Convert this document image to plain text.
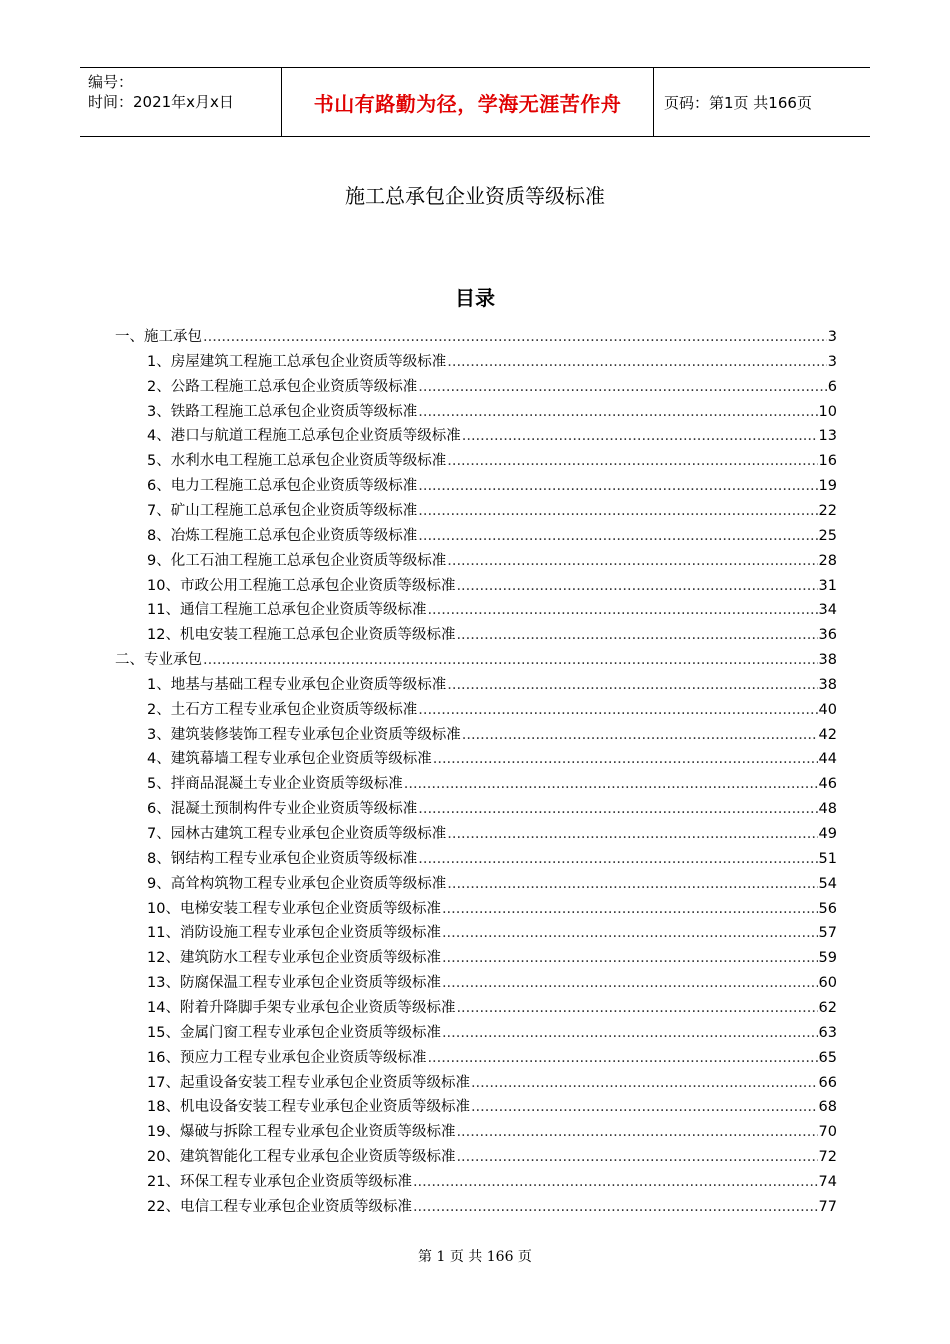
编号：
时间：2021年x月x日	书山有路勤为径，学海无涯苦作舟	页码：第1页 共166页
施工总承包企业资质等级标准
目录
一、施工承包 .....	3
1、房屋建筑工程施工总承包企业资质等级标准 .....	3
2、公路工程施工总承包企业资质等级标准 .....	6
3、铁路工程施工总承包企业资质等级标准 .....	10
4、港口与航道工程施工总承包企业资质等级标准 .....	13
5、水利水电工程施工总承包企业资质等级标准 .....	16
6、电力工程施工总承包企业资质等级标准 .....	19
7、矿山工程施工总承包企业资质等级标准 .....	22
8、冶炼工程施工总承包企业资质等级标准 .....	25
9、化工石油工程施工总承包企业资质等级标准 .....	28
10、市政公用工程施工总承包企业资质等级标准 .....	31
11、通信工程施工总承包企业资质等级标准 .....	34
12、机电安装工程施工总承包企业资质等级标准 .....	36
二、专业承包 .....	38
1、地基与基础工程专业承包企业资质等级标准 .....	38
2、土石方工程专业承包企业资质等级标准 .....	40
3、建筑装修装饰工程专业承包企业资质等级标准 .....	42
4、建筑幕墙工程专业承包企业资质等级标准 .....	44
5、拌商品混凝土专业企业资质等级标准 .....	46
6、混凝土预制构件专业企业资质等级标准 .....	48
7、园林古建筑工程专业承包企业资质等级标准 .....	49
8、钢结构工程专业承包企业资质等级标准 .....	51
9、高耸构筑物工程专业承包企业资质等级标准 .....	54
10、电梯安装工程专业承包企业资质等级标准 .....	56
11、消防设施工程专业承包企业资质等级标准 .....	57
12、建筑防水工程专业承包企业资质等级标准 .....	59
13、防腐保温工程专业承包企业资质等级标准 .....	60
14、附着升降脚手架专业承包企业资质等级标准 .....	62
15、金属门窗工程专业承包企业资质等级标准 .....	63
16、预应力工程专业承包企业资质等级标准 .....	65
17、起重设备安装工程专业承包企业资质等级标准 .....	66
18、机电设备安装工程专业承包企业资质等级标准 .....	68
19、爆破与拆除工程专业承包企业资质等级标准 .....	70
20、建筑智能化工程专业承包企业资质等级标准 .....	72
21、环保工程专业承包企业资质等级标准 .....	74
22、电信工程专业承包企业资质等级标准 .....	77
第 1 页 共 166 页
